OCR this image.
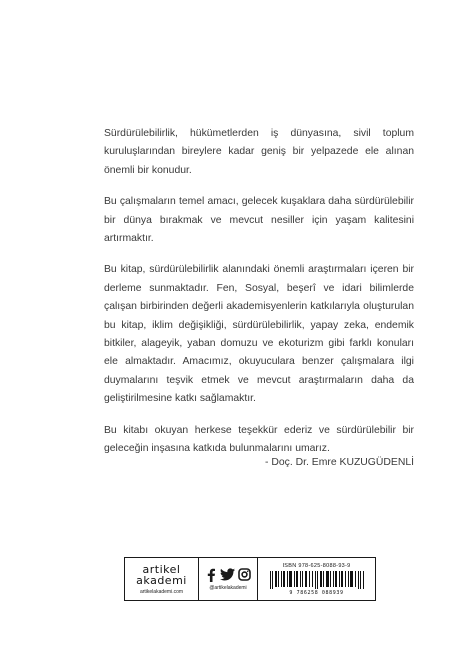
Sürdürülebilirlik, hükümetlerden iş dünyasına, sivil toplum kuruluşlarından bireylere kadar geniş bir yelpazede ele alınan önemli bir konudur.

Bu çalışmaların temel amacı, gelecek kuşaklara daha sürdürülebilir bir dünya bırakmak ve mevcut nesiller için yaşam kalitesini artırmaktır.

Bu kitap, sürdürülebilirlik alanındaki önemli araştırmaları içeren bir derleme sunmaktadır. Fen, Sosyal, beşerî ve idari bilimlerde çalışan birbirinden değerli akademisyenlerin katkılarıyla oluşturulan bu kitap, iklim değişikliği, sürdürülebilirlik, yapay zeka, endemik bitkiler, alageyik, yaban domuzu ve ekoturizm gibi farklı konuları ele almaktadır. Amacımız, okuyuculara benzer çalışmalara ilgi duymalarını teşvik etmek ve mevcut araştırmaların daha da geliştirilmesine katkı sağlamaktır.

Bu kitabı okuyan herkese teşekkür ederiz ve sürdürülebilir bir geleceğin inşasına katkıda bulunmalarını umarız.

- Doç. Dr. Emre KUZUGÜDENLİ
artikel
akademi
artikelakademi.com
@artikelakademi
ISBN 978-625-8088-93-9
9 786258 088939
